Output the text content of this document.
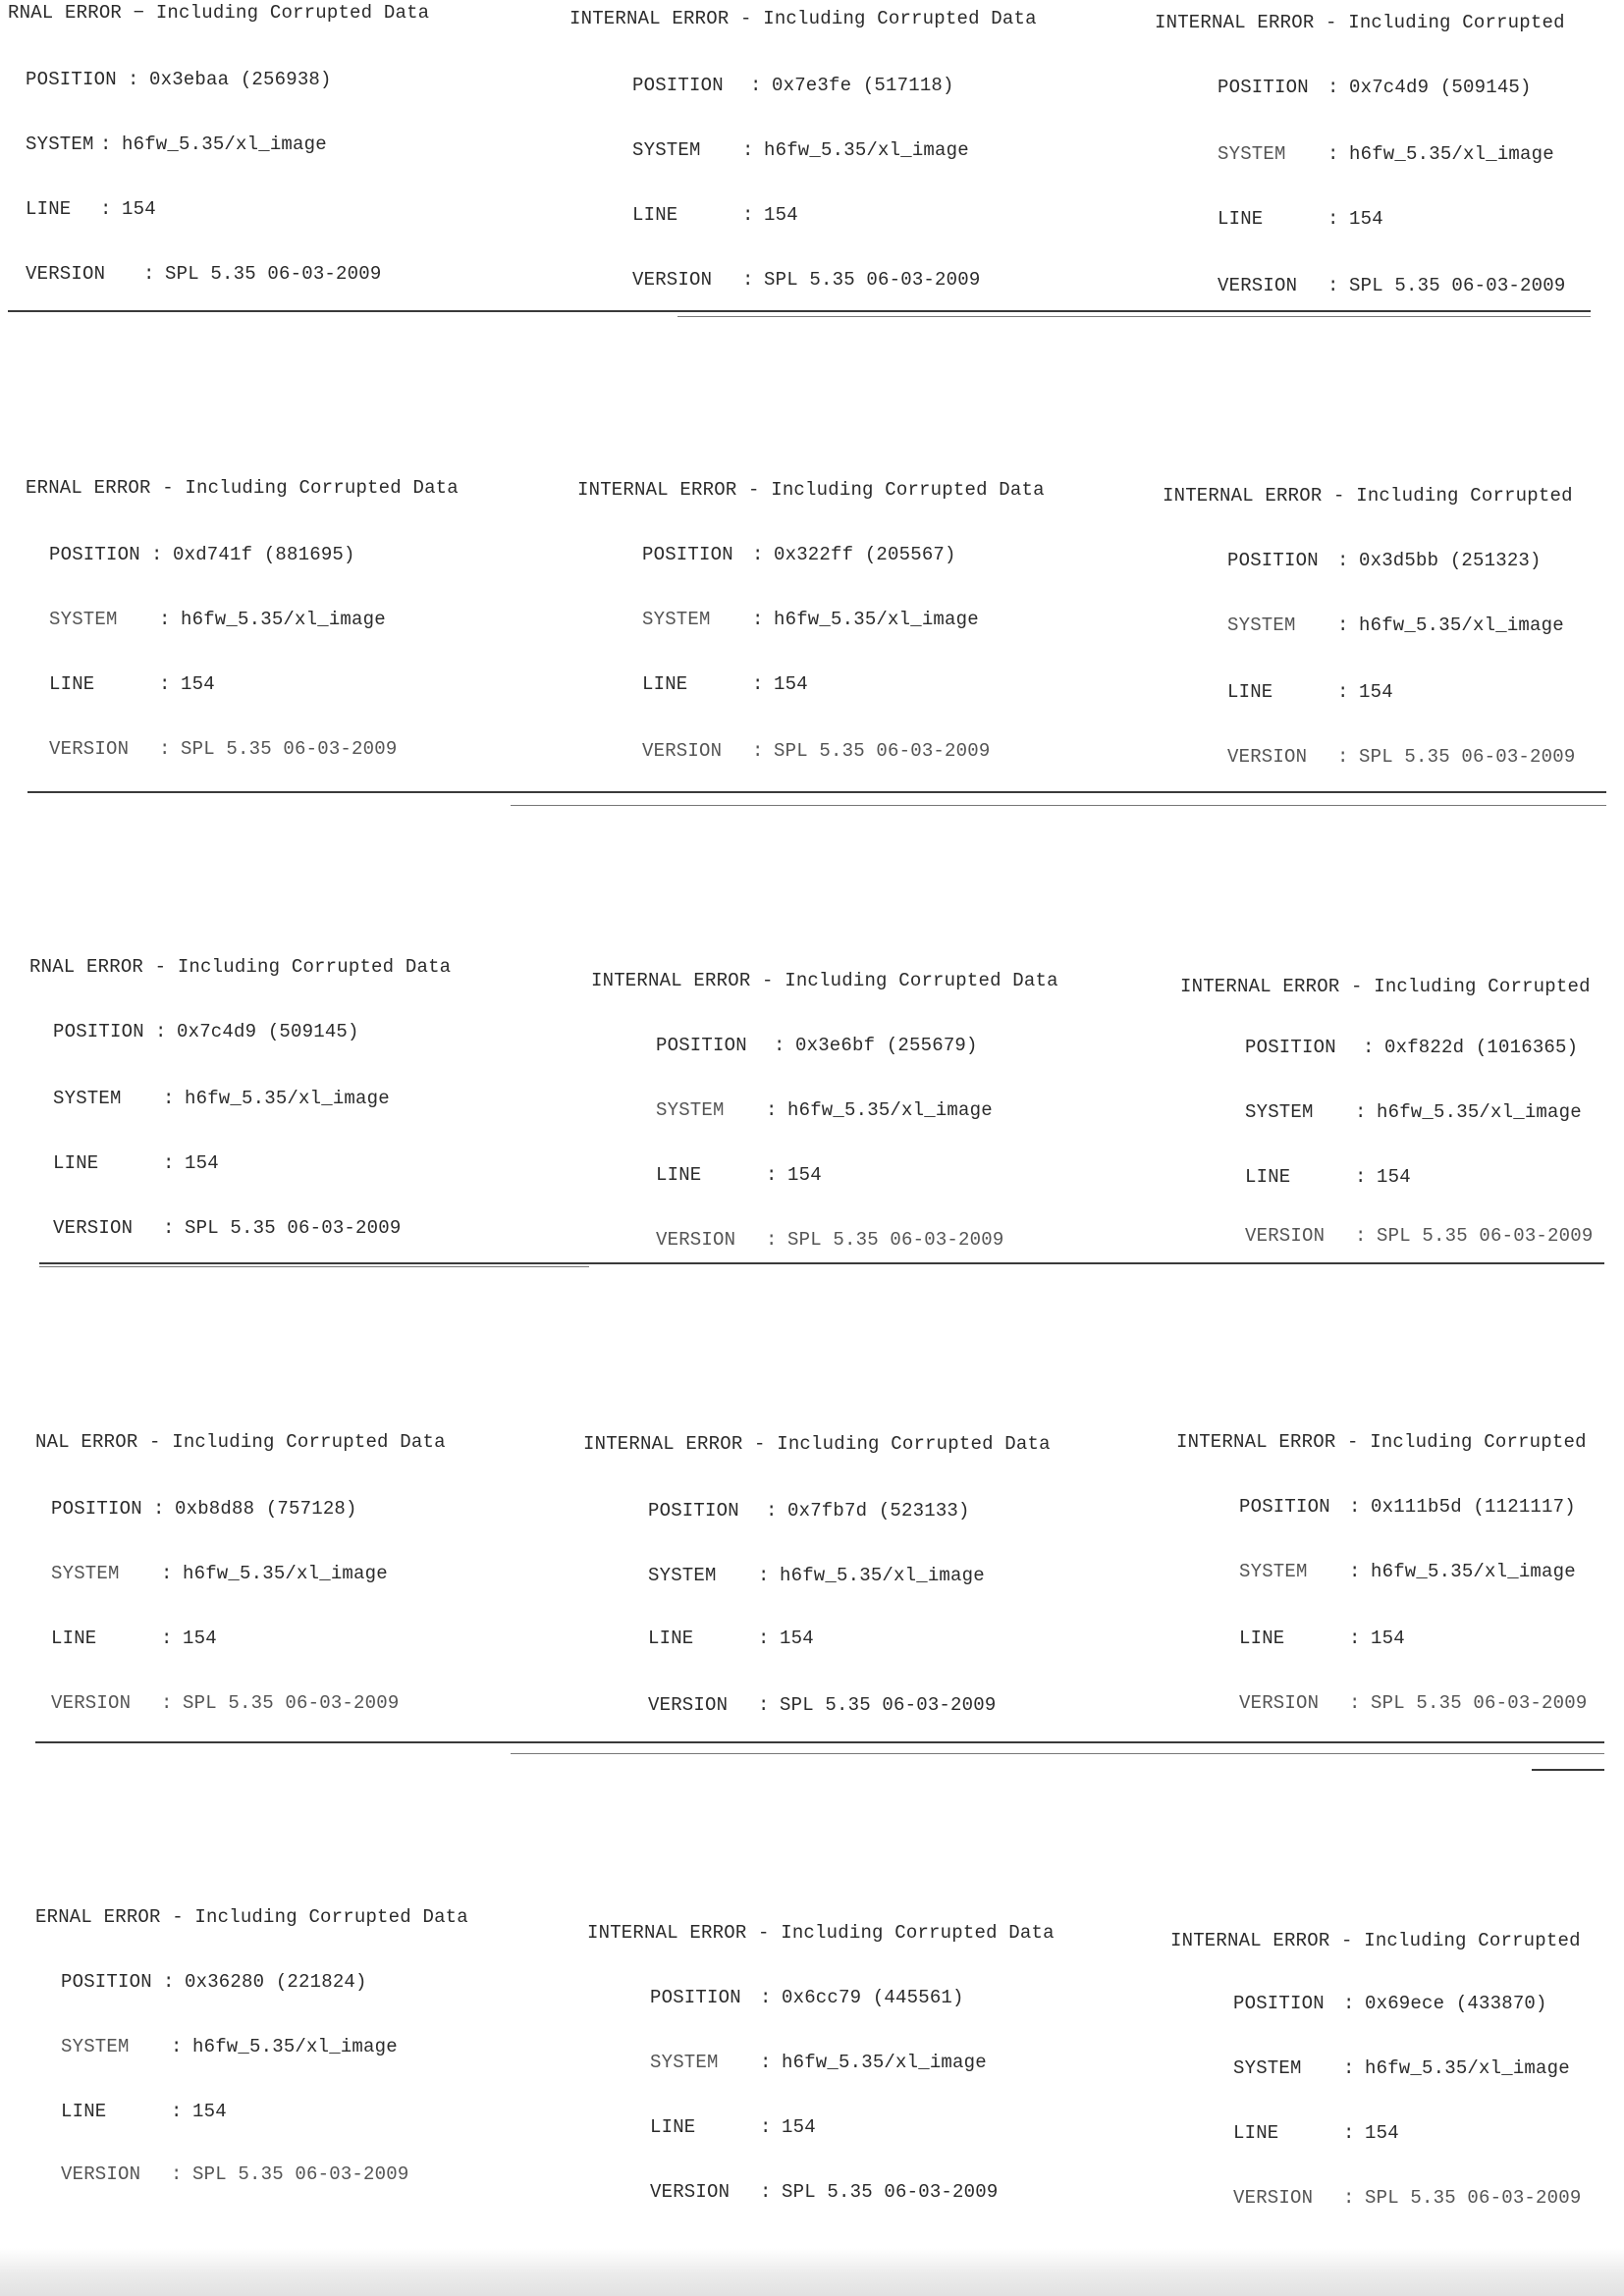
RNAL ERROR − Including Corrupted Data
POSITION : 0x3ebaa (256938)
SYSTEM : h6fw_5.35/xl_image
LINE : 154
VERSION : SPL 5.35 06-03-2009
INTERNAL ERROR - Including Corrupted Data
POSITION : 0x7e3fe (517118)
SYSTEM : h6fw_5.35/xl_image
LINE	: 154
VERSION : SPL 5.35 06-03-2009
INTERNAL ERROR - Including Corrupted
POSITION : 0x7c4d9 (509145)
SYSTEM : h6fw_5.35/xl_image
LINE	: 154
VERSION : SPL 5.35 06-03-2009
ERNAL ERROR - Including Corrupted Data
POSITION : 0xd741f (881695)
SYSTEM : h6fw_5.35/xl_image
LINE	: 154
VERSION : SPL 5.35 06-03-2009
INTERNAL ERROR - Including Corrupted Data
POSITION : 0x322ff (205567)
SYSTEM : h6fw_5.35/xl_image
LINE	: 154
VERSION : SPL 5.35 06-03-2009
INTERNAL ERROR - Including Corrupted
POSITION : 0x3d5bb (251323)
SYSTEM : h6fw_5.35/xl_image
LINE	: 154
VERSION : SPL 5.35 06-03-2009
RNAL ERROR - Including Corrupted Data
POSITION : 0x7c4d9 (509145)
SYSTEM : h6fw_5.35/xl_image
LINE	: 154
VERSION : SPL 5.35 06-03-2009
INTERNAL ERROR - Including Corrupted Data
POSITION : 0x3e6bf (255679)
SYSTEM : h6fw_5.35/xl_image
LINE	: 154
VERSION : SPL 5.35 06-03-2009
INTERNAL ERROR - Including Corrupted
POSITION : 0xf822d (1016365)
SYSTEM : h6fw_5.35/xl_image
LINE	: 154
VERSION : SPL 5.35 06-03-2009
NAL ERROR - Including Corrupted Data
POSITION : 0xb8d88 (757128)
SYSTEM : h6fw_5.35/xl_image
LINE	: 154
VERSION : SPL 5.35 06-03-2009
INTERNAL ERROR - Including Corrupted Data
POSITION : 0x7fb7d (523133)
SYSTEM : h6fw_5.35/xl_image
LINE	: 154
VERSION : SPL 5.35 06-03-2009
INTERNAL ERROR - Including Corrupted
POSITION : 0x111b5d (1121117)
SYSTEM : h6fw_5.35/xl_image
LINE	: 154
VERSION : SPL 5.35 06-03-2009
ERNAL ERROR - Including Corrupted Data
POSITION : 0x36280 (221824)
SYSTEM : h6fw_5.35/xl_image
LINE	: 154
VERSION : SPL 5.35 06-03-2009
INTERNAL ERROR - Including Corrupted Data
POSITION : 0x6cc79 (445561)
SYSTEM : h6fw_5.35/xl_image
LINE	: 154
VERSION : SPL 5.35 06-03-2009
INTERNAL ERROR - Including Corrupted
POSITION : 0x69ece (433870)
SYSTEM : h6fw_5.35/xl_image
LINE	: 154
VERSION : SPL 5.35 06-03-2009
